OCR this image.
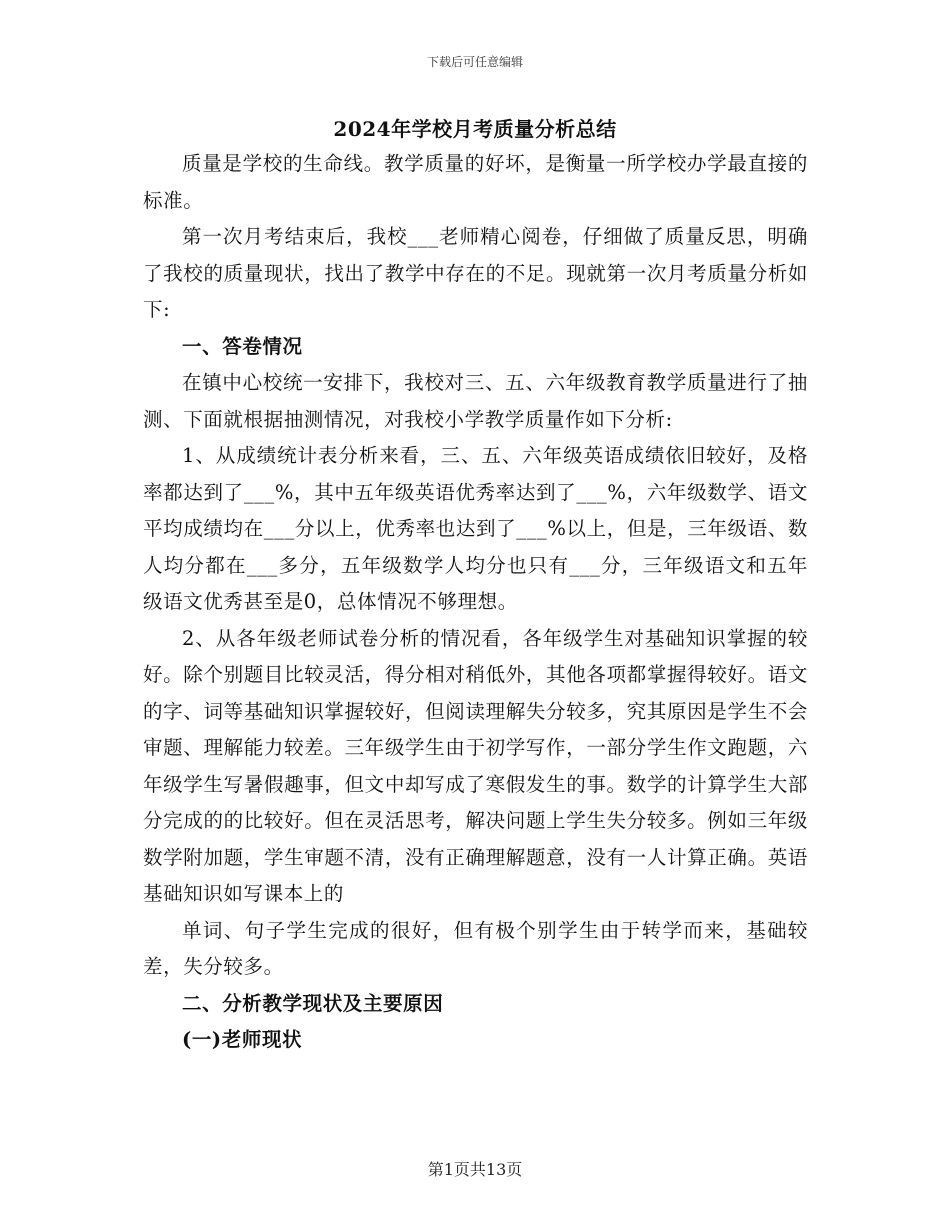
下载后可任意编辑
2024年学校月考质量分析总结

质量是学校的生命线。教学质量的好坏，是衡量一所学校办学最直接的标准。

第一次月考结束后，我校___老师精心阅卷，仔细做了质量反思，明确了我校的质量现状，找出了教学中存在的不足。现就第一次月考质量分析如下:

一、答卷情况

在镇中心校统一安排下，我校对三、五、六年级教育教学质量进行了抽测、下面就根据抽测情况，对我校小学教学质量作如下分析:

1、从成绩统计表分析来看，三、五、六年级英语成绩依旧较好，及格率都达到了___%，其中五年级英语优秀率达到了___%，六年级数学、语文平均成绩均在___分以上，优秀率也达到了___%以上，但是，三年级语、数人均分都在___多分，五年级数学人均分也只有___分，三年级语文和五年级语文优秀甚至是0，总体情况不够理想。

2、从各年级老师试卷分析的情况看，各年级学生对基础知识掌握的较好。除个别题目比较灵活，得分相对稍低外，其他各项都掌握得较好。语文的字、词等基础知识掌握较好，但阅读理解失分较多，究其原因是学生不会审题、理解能力较差。三年级学生由于初学写作，一部分学生作文跑题，六年级学生写暑假趣事，但文中却写成了寒假发生的事。数学的计算学生大部分完成的的比较好。但在灵活思考，解决问题上学生失分较多。例如三年级数学附加题，学生审题不清，没有正确理解题意，没有一人计算正确。英语基础知识如写课本上的

单词、句子学生完成的很好，但有极个别学生由于转学而来，基础较差，失分较多。

二、分析教学现状及主要原因

(一)老师现状

第1页共13页
